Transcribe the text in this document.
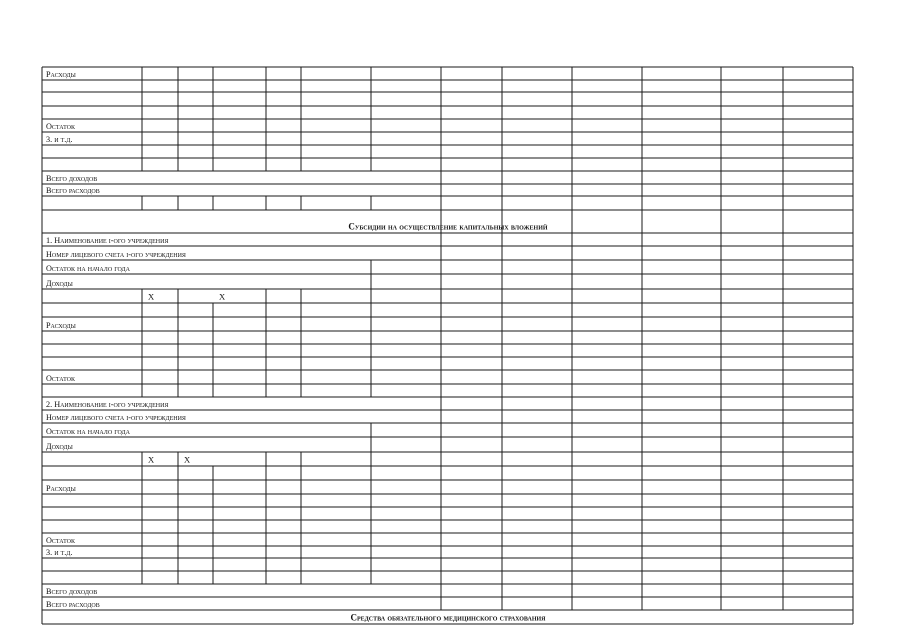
Расходы
Остаток
3. и т.д.
Всего доходов
Всего расходов
Субсидии на осуществление капитальных вложений
1. Наименование i-ого учреждения
Номер лицевого счета i-ого учреждения
Остаток на начало года
Доходы
X	X
Расходы
Остаток
2. Наименование i-ого учреждения
Номер лицевого счета i-ого учреждения
Остаток на начало года
Доходы
X	X
Расходы
Остаток
3. и т.д.
Всего доходов
Всего расходов
Средства обязательного медицинского страхования
